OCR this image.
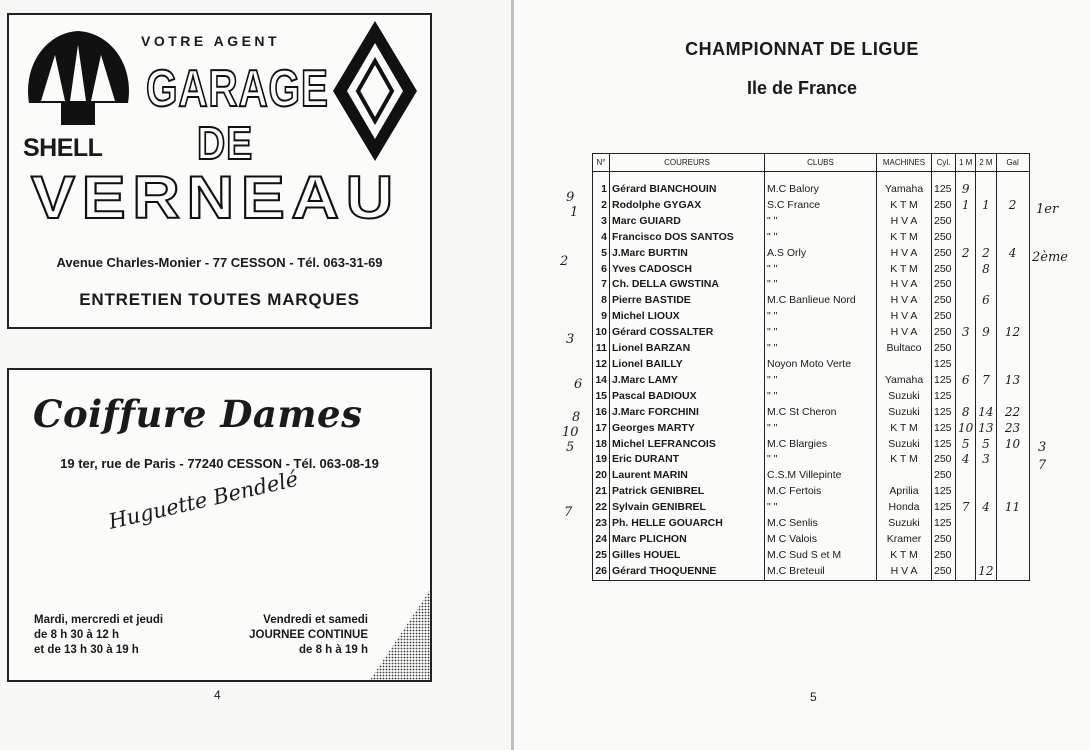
SHELL
VOTRE AGENT
GARAGE
DE
VERNEAU
Avenue Charles-Monier - 77 CESSON - Tél. 063-31-69
ENTRETIEN TOUTES MARQUES
Coiffure Dames
19 ter, rue de Paris - 77240 CESSON - Tél. 063-08-19
Huguette Bendelé
Mardi, mercredi et jeudi
de 8 h 30 à 12 h
et de 13 h 30 à 19 h
Vendredi et samedi
JOURNEE CONTINUE
de 8 h à 19 h
4
CHAMPIONNAT DE LIGUE
Ile de France
N°	COUREURS	CLUBS	MACHINES	Cyl.	1 M	2 M	Gal

1	Gérard BIANCHOUIN	M.C Balory	Yamaha	125	9		
2	Rodolphe GYGAX	S.C France	K T M	250	1	1	2
3	Marc GUIARD	" "	H V A	250			
4	Francisco DOS SANTOS	" "	K T M	250			
5	J.Marc BURTIN	A.S Orly	H V A	250	2	2	4
6	Yves CADOSCH	" "	K T M	250		8	
7	Ch. DELLA GWSTINA	" "	H V A	250			
8	Pierre BASTIDE	M.C Banlieue Nord	H V A	250		6	
9	Michel LIOUX	" "	H V A	250			
10	Gérard COSSALTER	" "	H V A	250	3	9	12
11	Lionel BARZAN	" "	Bultaco	250			
12	Lionel BAILLY	Noyon Moto Verte		125			
14	J.Marc LAMY	" "	Yamaha	125	6	7	13
15	Pascal BADIOUX	" "	Suzuki	125			
16	J.Marc FORCHINI	M.C St Cheron	Suzuki	125	8	14	22
17	Georges MARTY	" "	K T M	125	10	13	23
18	Michel LEFRANCOIS	M.C Blargies	Suzuki	125	5	5	10
19	Eric DURANT	" "	K T M	250	4	3	
20	Laurent MARIN	C.S.M Villepinte		250			
21	Patrick GENIBREL	M.C Fertois	Aprilia	125			
22	Sylvain GENIBREL	" "	Honda	125	7	4	11
23	Ph. HELLE GOUARCH	M.C Senlis	Suzuki	125			
24	Marc PLICHON	M C Valois	Kramer	250			
25	Gilles HOUEL	M.C Sud S et M	K T M	250			
26	Gérard THOQUENNE	M.C Breteuil	H V A	250		12	
9
1
2
3
6
8
10
5
7
1er
2ème
3
7
5
